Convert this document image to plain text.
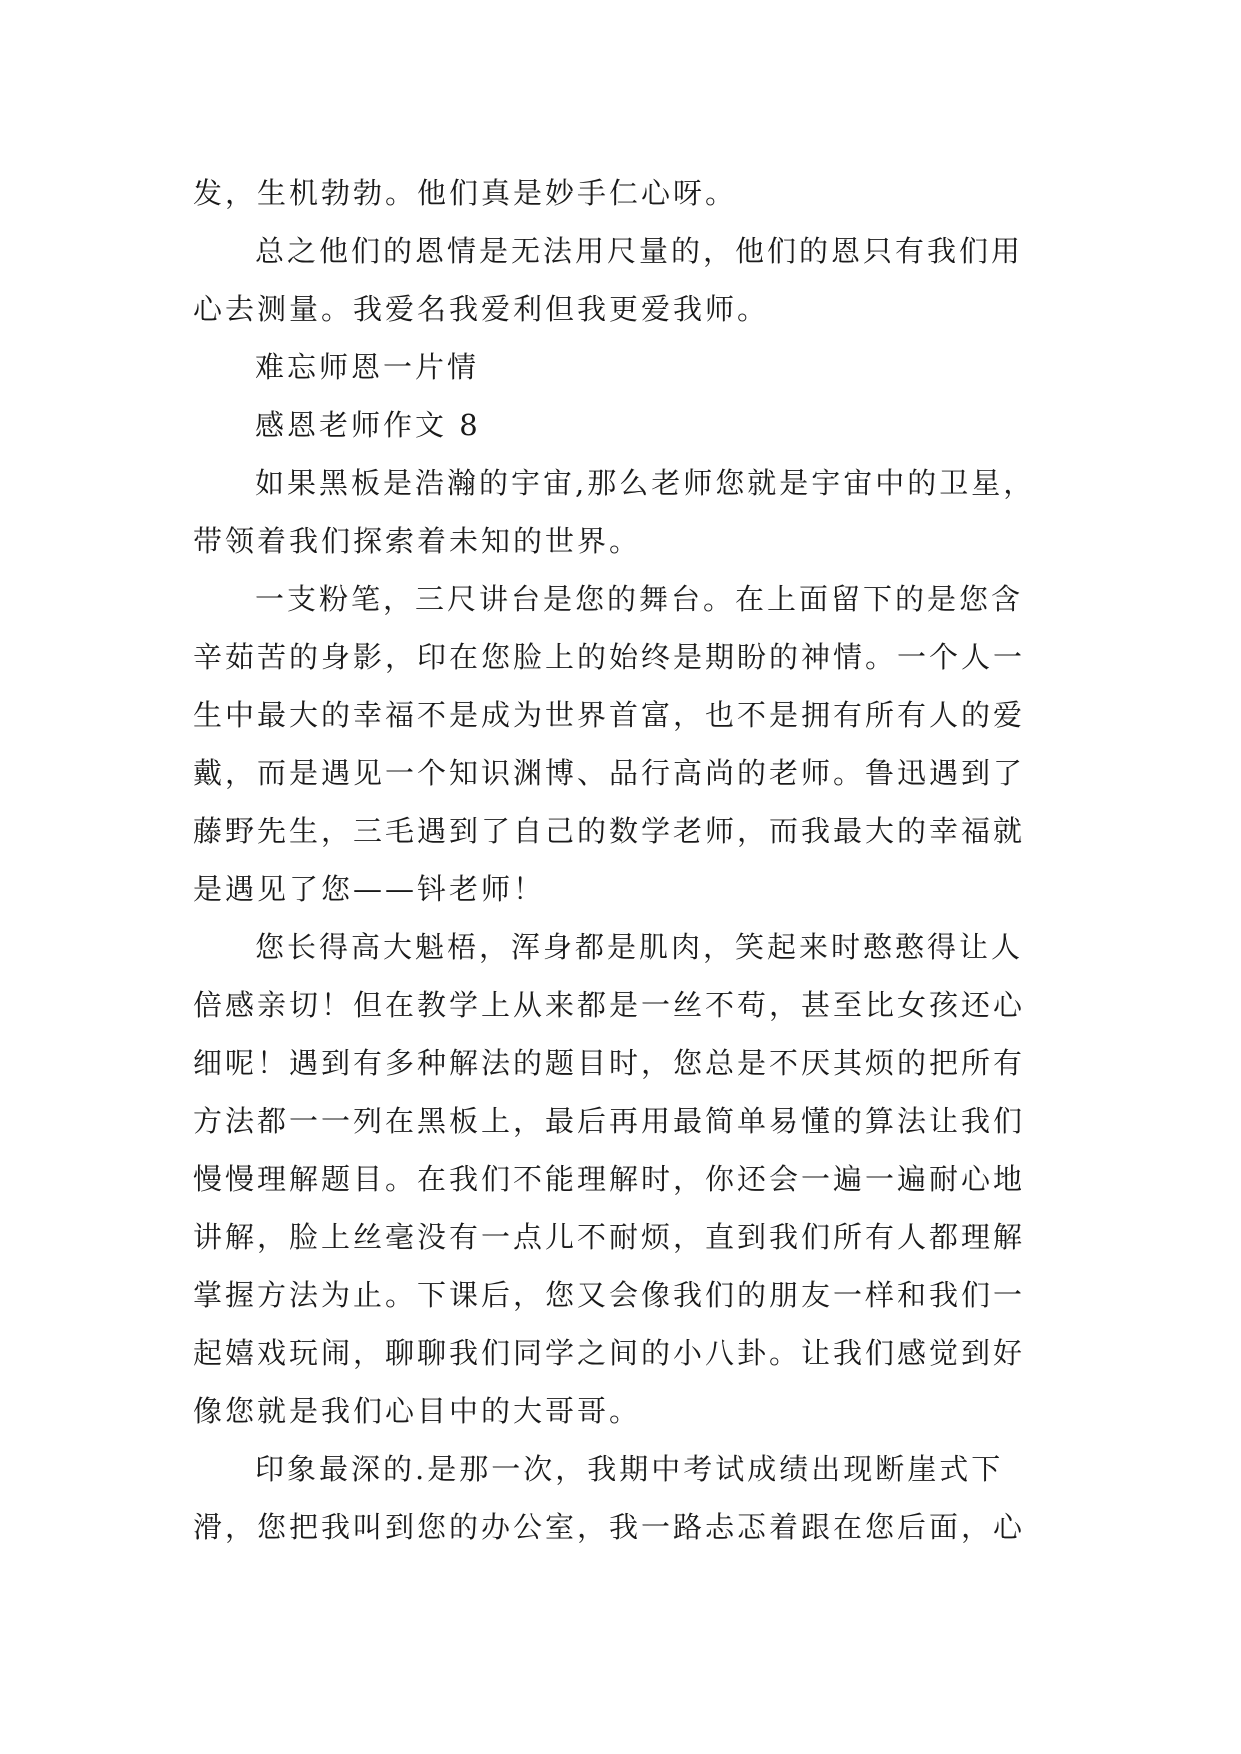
发，生机勃勃。他们真是妙手仁心呀。
总之他们的恩情是无法用尺量的，他们的恩只有我们用
心去测量。我爱名我爱利但我更爱我师。
难忘师恩一片情
感恩老师作文 8
如果黑板是浩瀚的宇宙,那么老师您就是宇宙中的卫星，
带领着我们探索着未知的世界。
一支粉笔，三尺讲台是您的舞台。在上面留下的是您含
辛茹苦的身影，印在您脸上的始终是期盼的神情。一个人一
生中最大的幸福不是成为世界首富，也不是拥有所有人的爱
戴，而是遇见一个知识渊博、品行高尚的老师。鲁迅遇到了
藤野先生，三毛遇到了自己的数学老师，而我最大的幸福就
是遇见了您——钭老师！
您长得高大魁梧，浑身都是肌肉，笑起来时憨憨得让人
倍感亲切！但在教学上从来都是一丝不苟，甚至比女孩还心
细呢！遇到有多种解法的题目时，您总是不厌其烦的把所有
方法都一一列在黑板上，最后再用最简单易懂的算法让我们
慢慢理解题目。在我们不能理解时，你还会一遍一遍耐心地
讲解，脸上丝毫没有一点儿不耐烦，直到我们所有人都理解
掌握方法为止。下课后，您又会像我们的朋友一样和我们一
起嬉戏玩闹，聊聊我们同学之间的小八卦。让我们感觉到好
像您就是我们心目中的大哥哥。
印象最深的.是那一次，我期中考试成绩出现断崖式下
滑，您把我叫到您的办公室，我一路忐忑着跟在您后面，心
